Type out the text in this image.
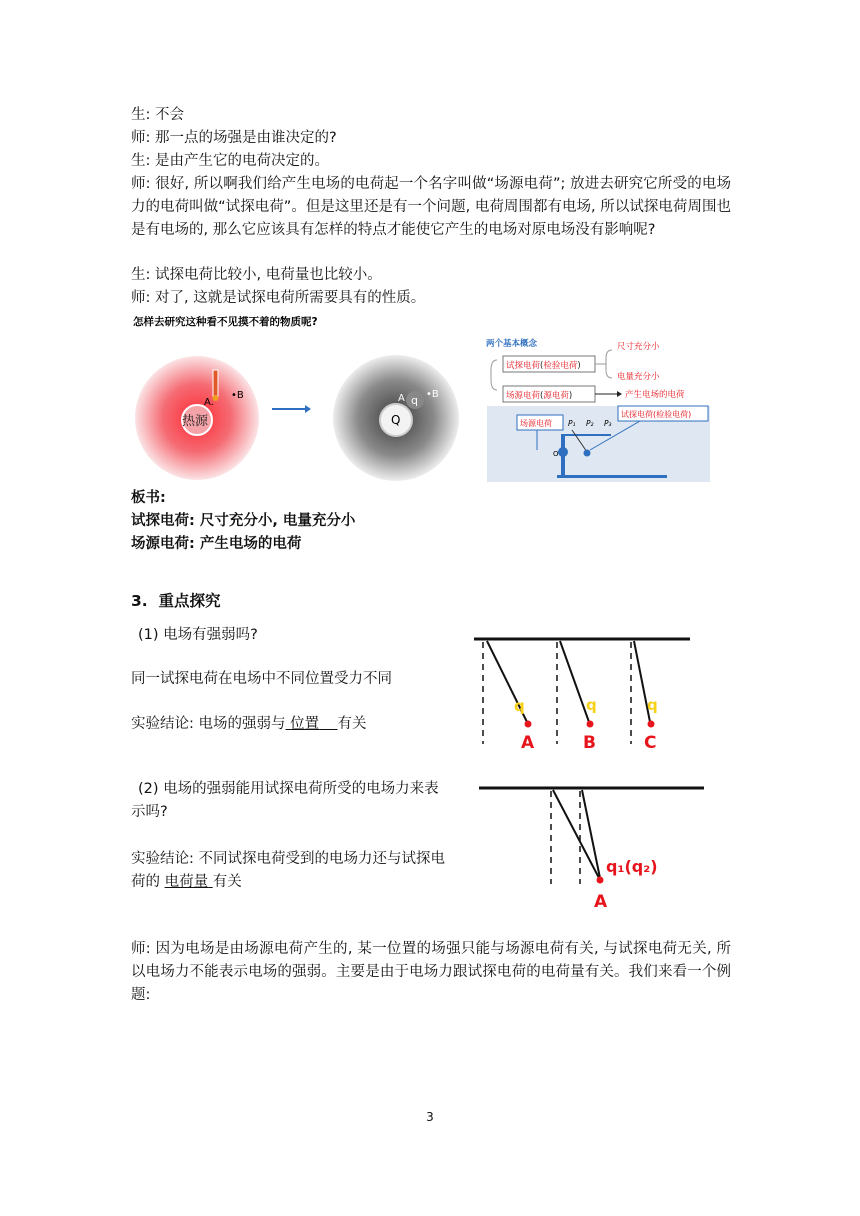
生: 不会
师: 那一点的场强是由谁决定的?
生: 是由产生它的电荷决定的。
师: 很好, 所以啊我们给产生电场的电荷起一个名字叫做“场源电荷”; 放进去研究它所受的电场力的电荷叫做“试探电荷”。但是这里还是有一个问题, 电荷周围都有电场, 所以试探电荷周围也是有电场的, 那么它应该具有怎样的特点才能使它产生的电场对原电场没有影响呢?
生: 试探电荷比较小, 电荷量也比较小。
师: 对了, 这就是试探电荷所需要具有的性质。
怎样去研究这种看不见摸不着的物质呢?
热源
A.
•B
Q
q
A •B
两个基本概念
试探电荷(检验电荷)
尺寸充分小
电量充分小
场源电荷(源电荷)	产生电场的电荷
场源电荷
试探电荷(检验电荷)
P₁ P₂ P₃
O
板书:
试探电荷: 尺寸充分小, 电量充分小
场源电荷: 产生电场的电荷
3. 重点探究
(1) 电场有强弱吗?
同一试探电荷在电场中不同位置受力不同
实验结论: 电场的强弱与 位置 有关
q	q	q
A	B	C
(2) 电场的强弱能用试探电荷所受的电场力来表
示吗?
实验结论: 不同试探电荷受到的电场力还与试探电
荷的 电荷量 有关
q₁(q₂)
A
师: 因为电场是由场源电荷产生的, 某一位置的场强只能与场源电荷有关, 与试探电荷无关, 所以电场力不能表示电场的强弱。主要是由于电场力跟试探电荷的电荷量有关。我们来看一个例题:
3
